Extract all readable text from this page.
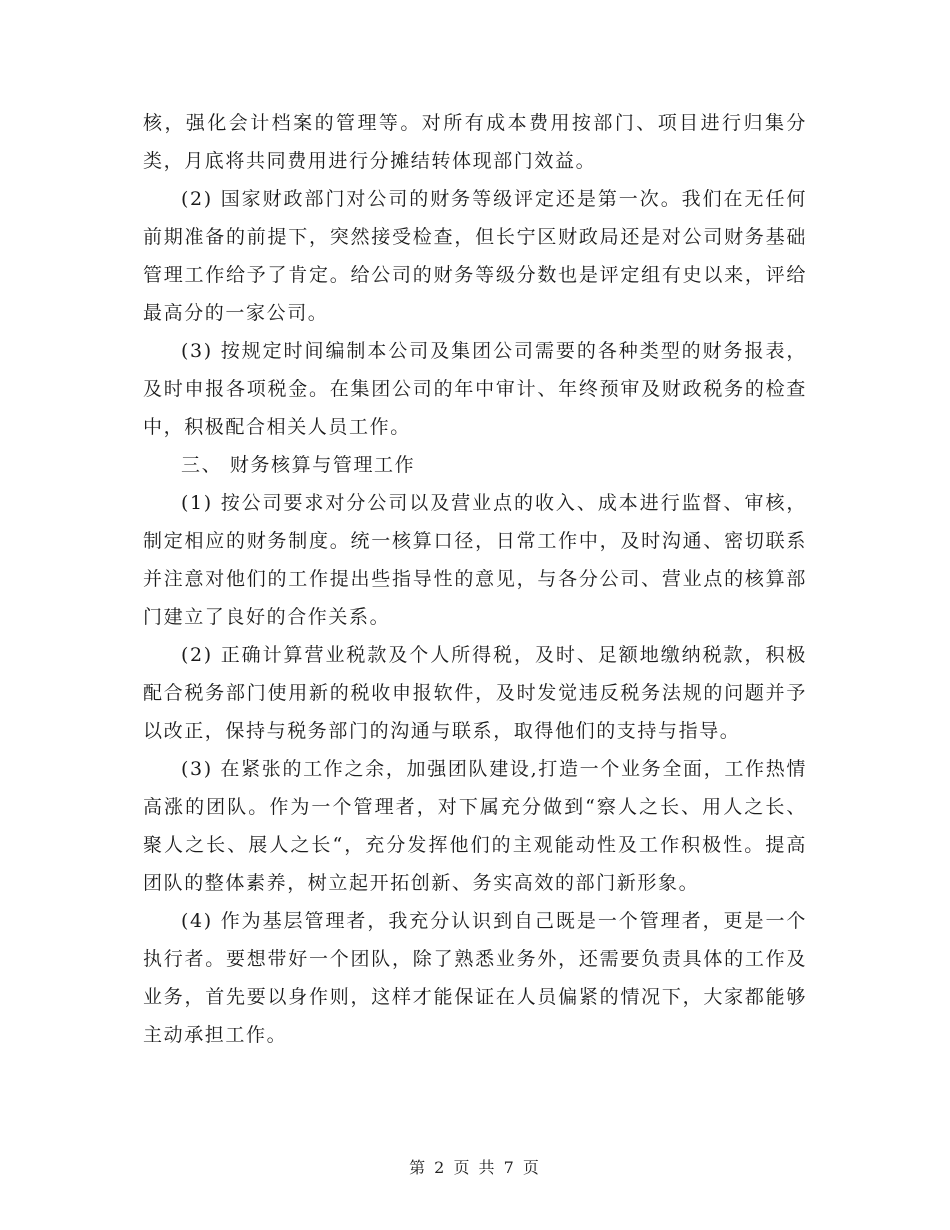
核，强化会计档案的管理等。对所有成本费用按部门、项目进行归集分类，月底将共同费用进行分摊结转体现部门效益。

(2) 国家财政部门对公司的财务等级评定还是第一次。我们在无任何前期准备的前提下，突然接受检查，但长宁区财政局还是对公司财务基础管理工作给予了肯定。给公司的财务等级分数也是评定组有史以来，评给最高分的一家公司。

(3) 按规定时间编制本公司及集团公司需要的各种类型的财务报表，及时申报各项税金。在集团公司的年中审计、年终预审及财政税务的检查中，积极配合相关人员工作。

三、 财务核算与管理工作

(1) 按公司要求对分公司以及营业点的收入、成本进行监督、审核，制定相应的财务制度。统一核算口径，日常工作中，及时沟通、密切联系并注意对他们的工作提出些指导性的意见，与各分公司、营业点的核算部门建立了良好的合作关系。

(2) 正确计算营业税款及个人所得税，及时、足额地缴纳税款，积极配合税务部门使用新的税收申报软件，及时发觉违反税务法规的问题并予以改正，保持与税务部门的沟通与联系，取得他们的支持与指导。

(3) 在紧张的工作之余，加强团队建设,打造一个业务全面，工作热情高涨的团队。作为一个管理者，对下属充分做到“察人之长、用人之长、聚人之长、展人之长“，充分发挥他们的主观能动性及工作积极性。提高团队的整体素养，树立起开拓创新、务实高效的部门新形象。

(4) 作为基层管理者，我充分认识到自己既是一个管理者，更是一个执行者。要想带好一个团队，除了熟悉业务外，还需要负责具体的工作及业务，首先要以身作则，这样才能保证在人员偏紧的情况下，大家都能够主动承担工作。

第 2 页 共 7 页
